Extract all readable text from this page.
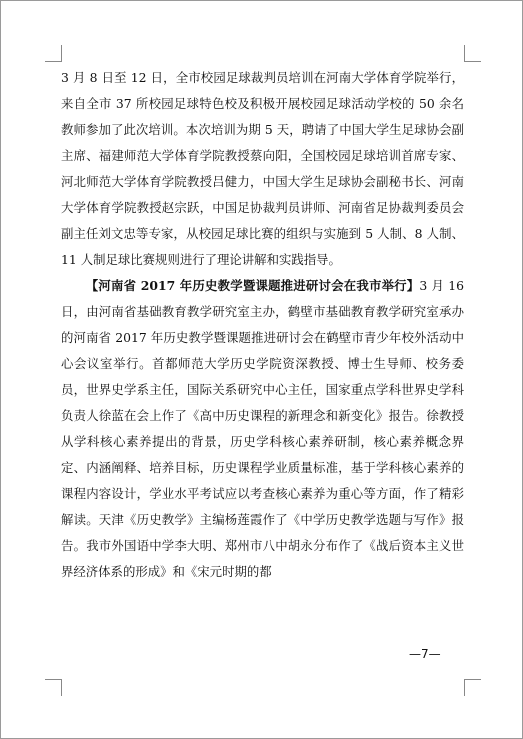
3 月 8 日至 12 日，全市校园足球裁判员培训在河南大学体育学院举行，来自全市 37 所校园足球特色校及积极开展校园足球活动学校的 50 余名教师参加了此次培训。本次培训为期 5 天，聘请了中国大学生足球协会副主席、福建师范大学体育学院教授蔡向阳，全国校园足球培训首席专家、河北师范大学体育学院教授吕健力，中国大学生足球协会副秘书长、河南大学体育学院教授赵宗跃，中国足协裁判员讲师、河南省足协裁判委员会副主任刘文忠等专家，从校园足球比赛的组织与实施到 5 人制、8 人制、11 人制足球比赛规则进行了理论讲解和实践指导。

【河南省 2017 年历史教学暨课题推进研讨会在我市举行】3 月 16 日，由河南省基础教育教学研究室主办，鹤壁市基础教育教学研究室承办的河南省 2017 年历史教学暨课题推进研讨会在鹤壁市青少年校外活动中心会议室举行。首都师范大学历史学院资深教授、博士生导师、校务委员，世界史学系主任，国际关系研究中心主任，国家重点学科世界史学科负责人徐蓝在会上作了《高中历史课程的新理念和新变化》报告。徐教授从学科核心素养提出的背景，历史学科核心素养研制，核心素养概念界定、内涵阐释、培养目标，历史课程学业质量标准，基于学科核心素养的课程内容设计，学业水平考试应以考查核心素养为重心等方面，作了精彩解读。天津《历史教学》主编杨莲霞作了《中学历史教学选题与写作》报告。我市外国语中学李大明、郑州市八中胡永分布作了《战后资本主义世界经济体系的形成》和《宋元时期的都

—7—
